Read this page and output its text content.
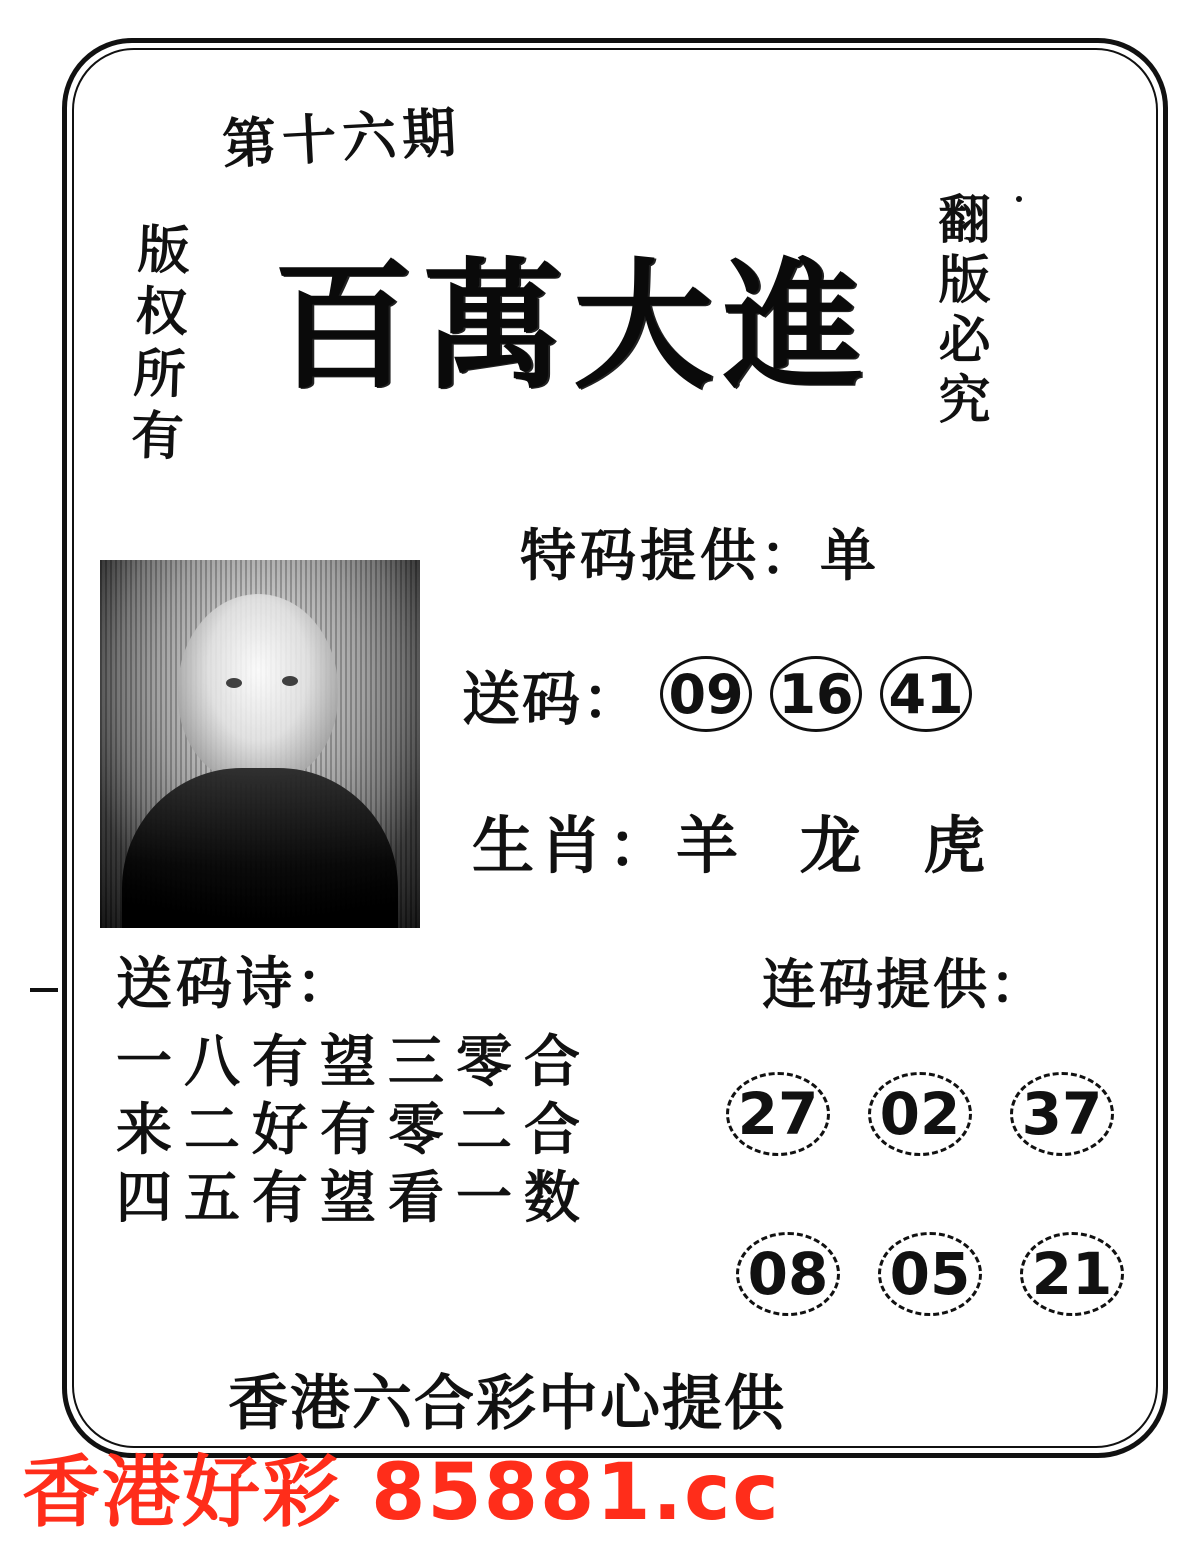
第十六期
版权所有	翻版必究
百萬大進
特码提供：单
送码： 09 16 41
生肖：羊 龙 虎
送码诗：
一八有望三零合
来二好有零二合
四五有望看一数
连码提供：
27 02 37
08 05 21
香港六合彩中心提供
香港好彩 85881.cc
